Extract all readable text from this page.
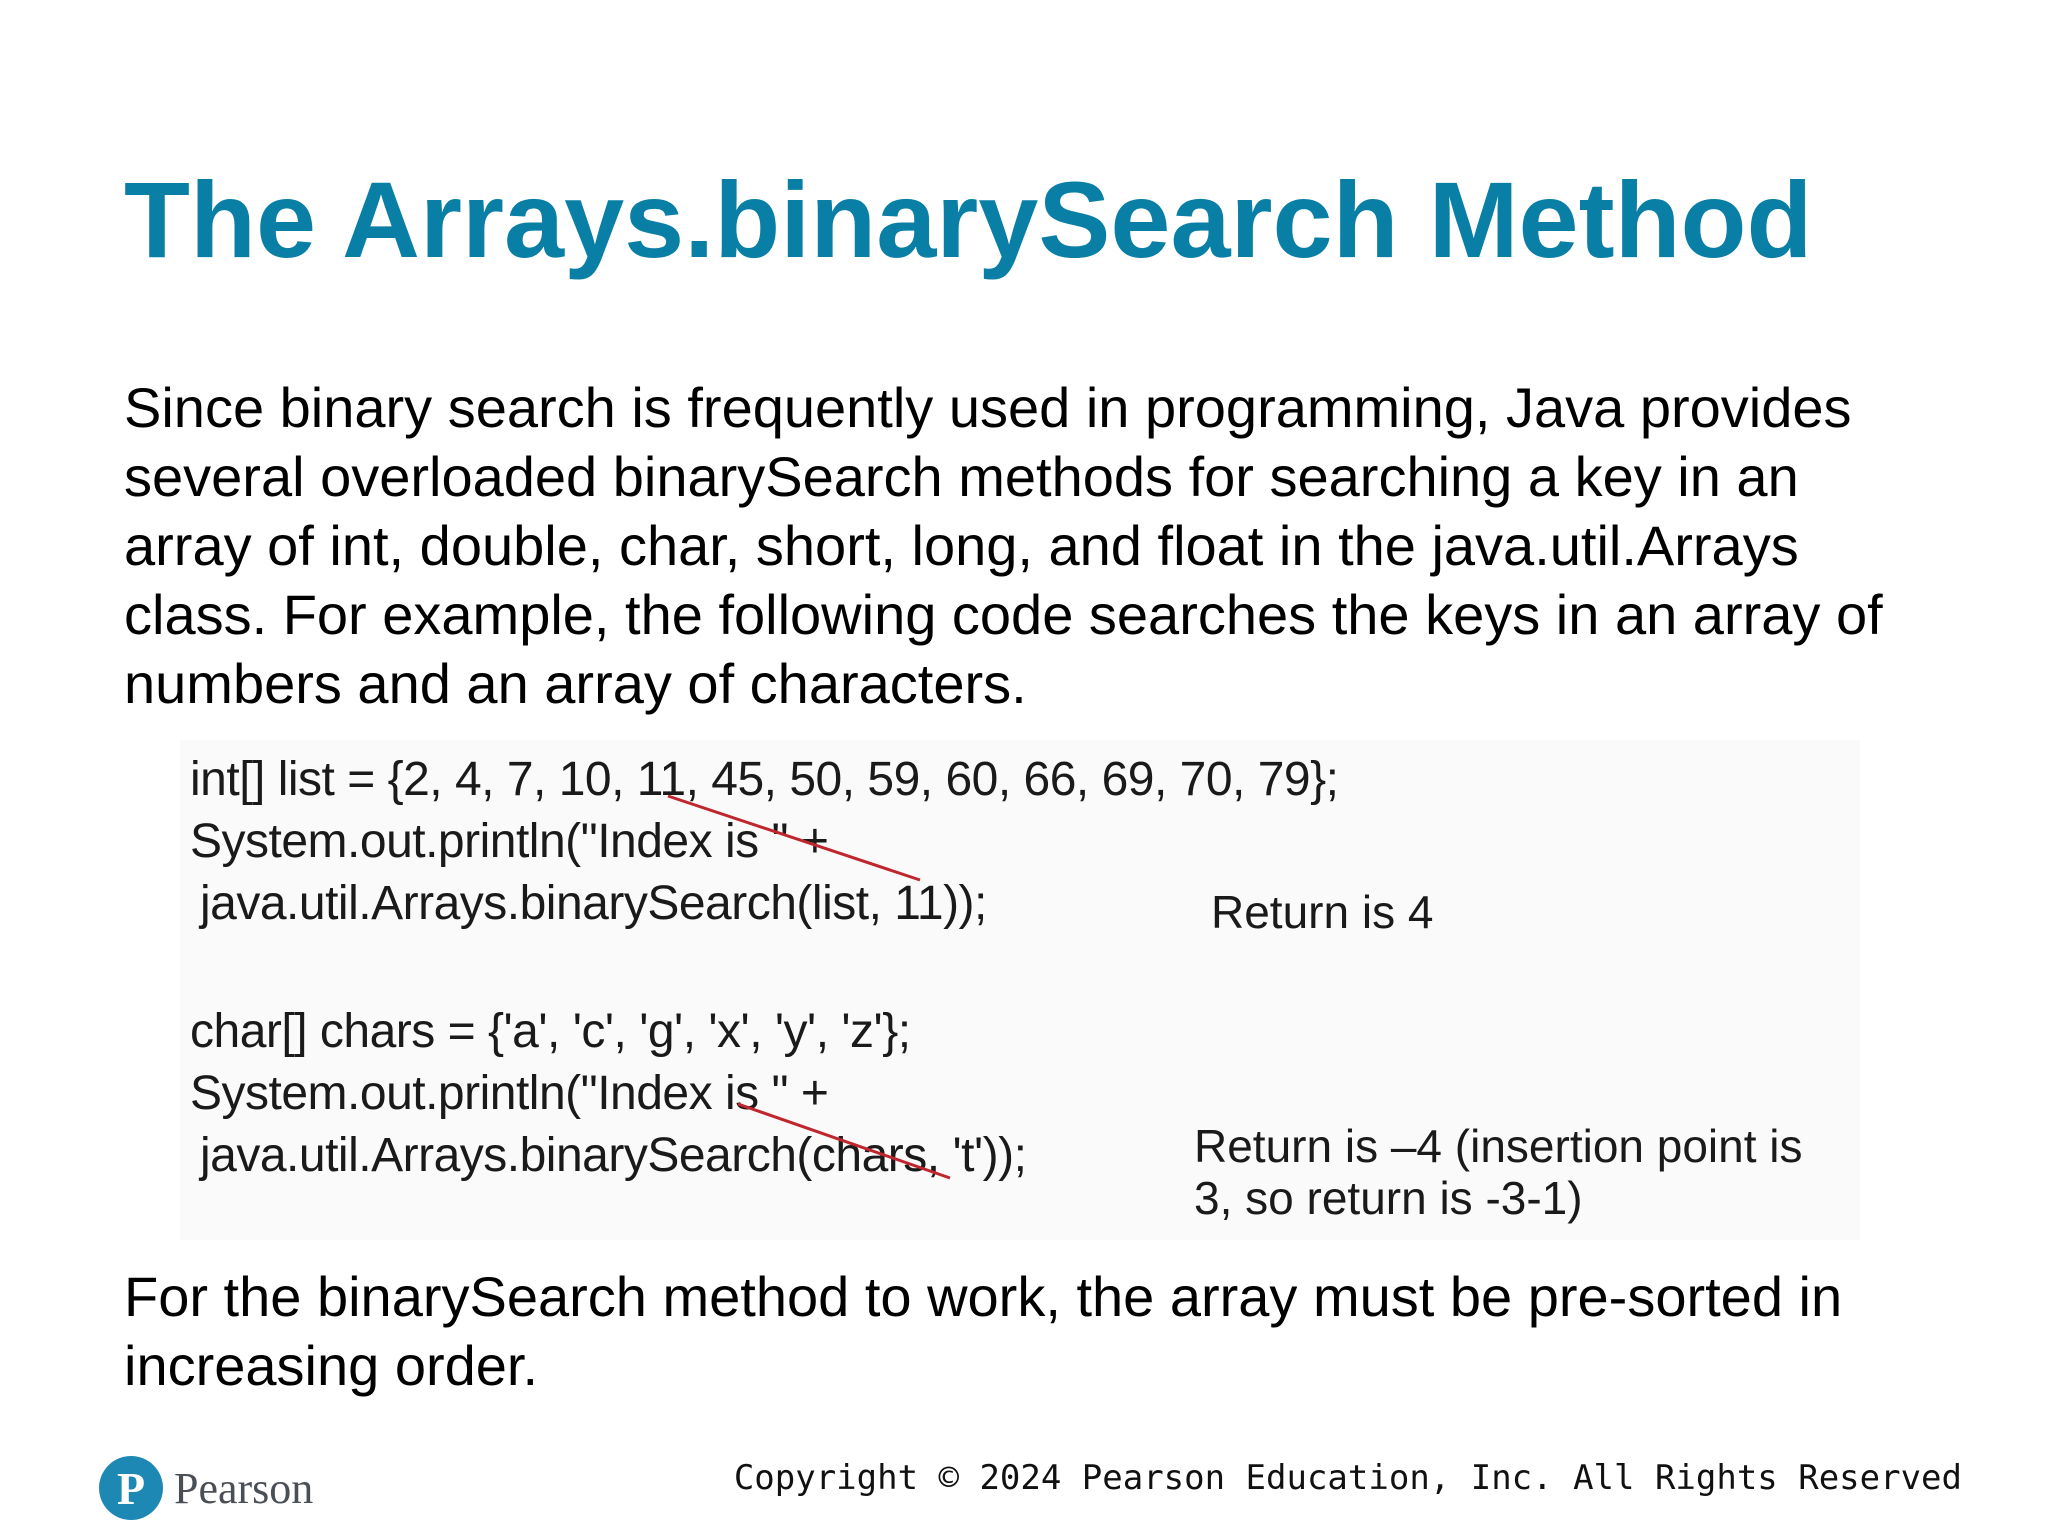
The Arrays.binarySearch Method

Since binary search is frequently used in programming, Java provides
several overloaded binarySearch methods for searching a key in an
array of int, double, char, short, long, and float in the java.util.Arrays
class. For example, the following code searches the keys in an array of
numbers and an array of characters.

int[] list = {2, 4, 7, 10, 11, 45, 50, 59, 60, 66, 69, 70, 79};
System.out.println("Index is " +
java.util.Arrays.binarySearch(list, 11));	Return is 4
char[] chars = {'a', 'c', 'g', 'x', 'y', 'z'};
System.out.println("Index is " +
java.util.Arrays.binarySearch(chars, 't'));	Return is –4 (insertion point is
3, so return is -3-1)

For the binarySearch method to work, the array must be pre-sorted in
increasing order.

P Pearson	Copyright © 2024 Pearson Education, Inc. All Rights Reserved
